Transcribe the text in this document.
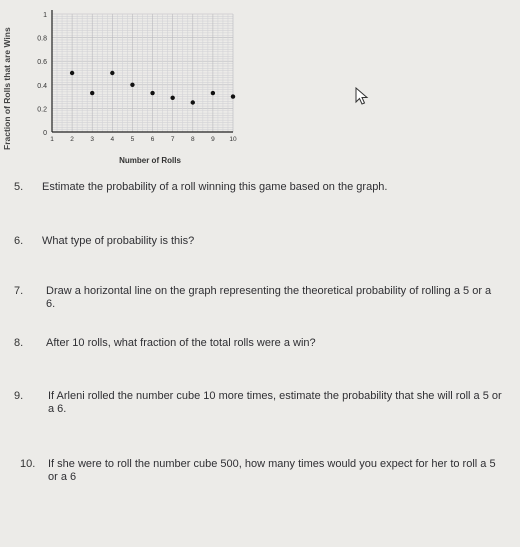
1
0.8
0.6
0.4
0.2
0
1	2	3	4	5	6	7	8	9 10
Fraction of Rolls that are Wins
Number of Rolls
5. Estimate the probability of a roll winning this game based on the graph.
6. What type of probability is this?
7. Draw a horizontal line on the graph representing the theoretical probability of rolling a 5 or a 6.
8. After 10 rolls, what fraction of the total rolls were a win?
9. If Arleni rolled the number cube 10 more times, estimate the probability that she will roll a 5 or a 6.
10. If she were to roll the number cube 500, how many times would you expect for her to roll a 5 or a 6
